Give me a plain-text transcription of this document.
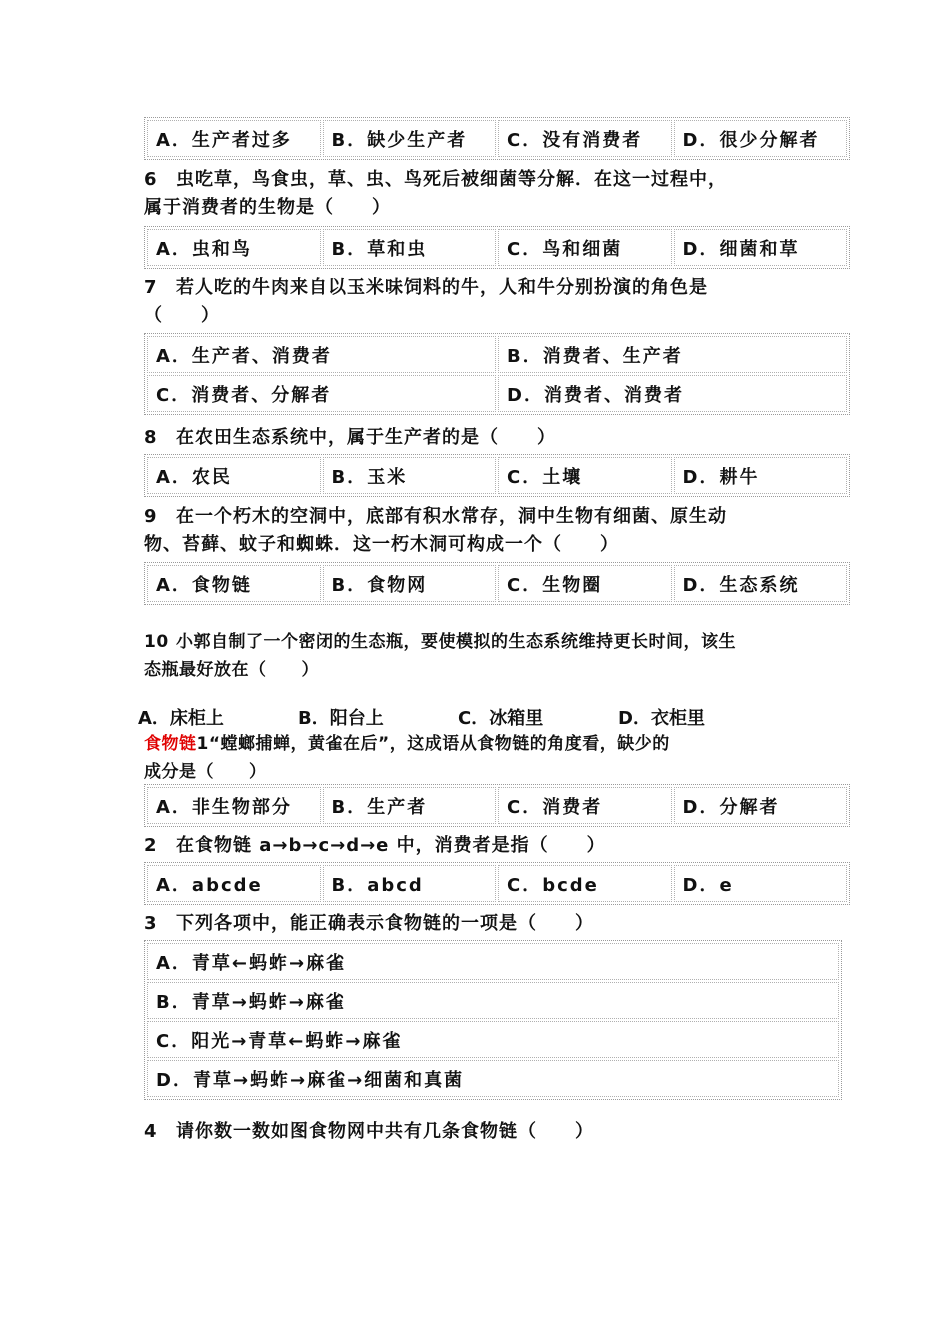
A．生产者过多	B．缺少生产者	C．没有消费者	D．很少分解者
6 虫吃草，鸟食虫，草、虫、鸟死后被细菌等分解．在这一过程中，
属于消费者的生物是（　　）
A．虫和鸟	B．草和虫	C．鸟和细菌	D．细菌和草
7 若人吃的牛肉来自以玉米味饲料的牛，人和牛分别扮演的角色是
（　　）
A．生产者、消费者	B．消费者、生产者
C．消费者、分解者	D．消费者、消费者
8 在农田生态系统中，属于生产者的是（　　）
A．农民	B．玉米	C．土壤	D．耕牛
9 在一个朽木的空洞中，底部有积水常存，洞中生物有细菌、原生动
物、苔藓、蚊子和蜘蛛．这一朽木洞可构成一个（　　）
A．食物链	B．食物网	C．生物圈	D．生态系统
10 小郭自制了一个密闭的生态瓶，要使模拟的生态系统维持更长时间，该生
态瓶最好放在（　　）
A．床柜上	B．阳台上	C．冰箱里	D．衣柜里
食物链1“螳螂捕蝉，黄雀在后”，这成语从食物链的角度看，缺少的
成分是（　　）
A．非生物部分	B．生产者	C．消费者	D．分解者
2 在食物链 a→b→c→d→e 中，消费者是指（　　）
A．abcde	B．abcd	C．bcde	D．e
3 下列各项中，能正确表示食物链的一项是（　　）
A．青草←蚂蚱→麻雀
B．青草→蚂蚱→麻雀
C．阳光→青草←蚂蚱→麻雀
D．青草→蚂蚱→麻雀→细菌和真菌
4 请你数一数如图食物网中共有几条食物链（　　）
